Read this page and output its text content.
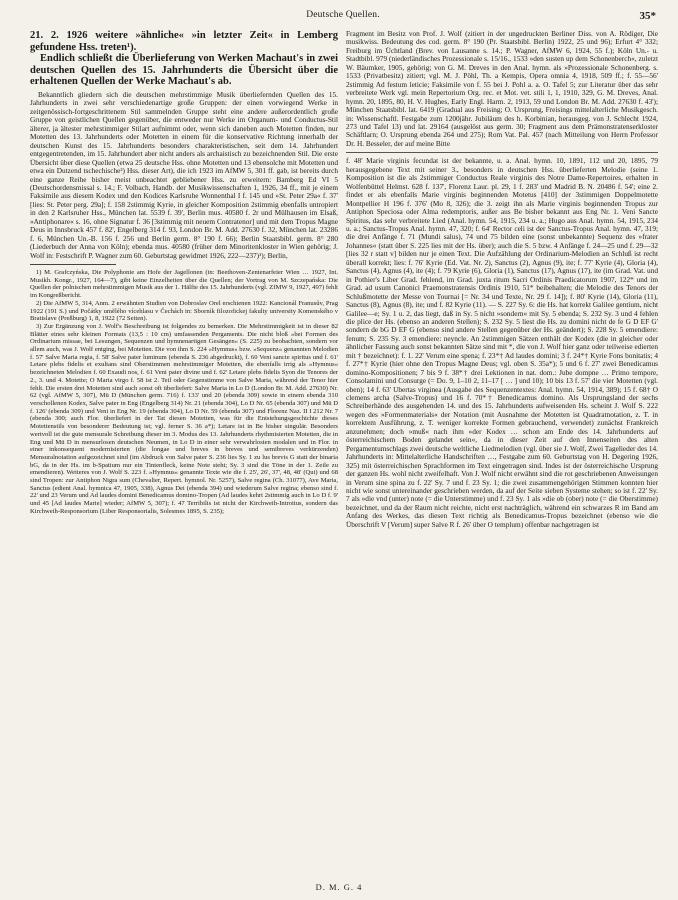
Deutsche Quellen.	35*

21. 2. 1926 weitere »ähnliche« »in letzter Zeit« in Lemberg gefundene Hss. treten¹).

Endlich schließt die Überlieferung von Werken Machaut's in zwei deutschen Quellen des 15. Jahrhunderts die Übersicht über die erhaltenen Quellen der Werke Machaut's ab.

Bekanntlich gliedern sich die deutschen mehrstimmige Musik überliefernden Quellen des 15. Jahrhunderts in zwei sehr verschiedenartige große Gruppen: der einen vorwiegend Werke in zeitgenössisch-fortgeschrittenem Stil sammelnden Gruppe steht eine andere außerordentlich große Gruppe von geistlichen Quellen gegenüber, die entweder nur Werke im Organum- und Conductus-Stil älterer, ja ältester mehrstimmiger Stilart aufnimmt oder, wenn sich daneben auch Motetten finden, nur Motetten des 13. Jahrhunderts oder Motetten in einem für die konservative Richtung innerhalb der deutschen Kunst des 15. Jahrhunderts besonders charakteristischen, seit dem 14. Jahrhundert entgegentretenden, im 15. Jahrhundert aber nicht anders als archaistisch zu bezeichnenden Stil. Die erste Übersicht über diese Quellen (etwa 25 deutsche Hss. ohne Motetten und 13 ebensolche mit Motetten und etwa ein Dutzend tschechische²) Hss. dieser Art), die ich 1923 im AfMW 5, 301 ff. gab, ist bereits durch eine ganze Reihe bisher meist unbeachtet gebliebener Hss. zu erweitern: Bamberg Ed VI 5 (Deutschordensmissal s. 14.; F. Volbach, Handb. der Musikwissenschaften 1, 1926, 34 ff., mit je einem Faksimile aus diesem Kodex und den Kodices Karlsruhe Wonnenthal I f. 145 und »St. Peter 29a« f. 37' [lies: St. Peter perg. 29a]; f. 158 2stimmig Kyrie, in gleicher Komposition 2stimmig ebenfalls untropiert in den 2 Karlsruher Hss., München lat. 5539 f. 39', Berlin mus. 40580 f. 2r und Mülhausen im Elsaß, »Antiphonare« s. 16, ohne Signatur f. 36 [3stimmig mit neuem Contratenor] und mit dem Tropus Magne Deus in Innsbruck 457 f. 82', Engelberg 314 f. 93, London Br. M. Add. 27630 f. 32, München lat. 23286 f. 6, München Un.-B. 156 f. 256 und Berlin germ. 8° 190 f. 66); Berlin Staatsbibl. germ. 8° 280 (Liederbuch der Anna von Köln); ebenda mus. 40580 (früher dem Minoritenkloster in Wien gehörig; J. Wolf in: Festschrift P. Wagner zum 60. Geburtstag gewidmet 1926, 222—237)¹); Berlin,

1) M. Grafczyńska, Die Polyphonie am Hofe der Jagellonen (in: Beethoven-Zentenarfeier Wien … 1927, Int. Musikh. Kongr., 1927, 164—7), gibt keine Einzelheiten über die Quellen; der Vortrag von M. Szczepańska: Die Quellen der polnischen mehrstimmigen Musik aus der 1. Hälfte des 15. Jahrhunderts (vgl. ZfMW 9, 1927, 497) fehlt im Kongreßbericht.

2) Die AfMW 5, 314, Anm. 2 erwähnten Studien von Dobroslav Orel erschienen 1922: Kancionál Franusův, Prag 1922 (191 S.) und Počátky umělého vícehlasu v Čechách in: Sborník filozofickej fakulty university Komenského v Bratislave (Preßburg) 1, 8, 1922 (72 Seiten).

3) Zur Ergänzung von J. Wolf's Beschreibung ist folgendes zu bemerken. Die Mehrstimmigkeit ist in dieser 82 Blätter eines sehr kleinen Formats (13,5 : 10 cm) umfassenden Pergaments. Die nicht bloß »bei Formen des Ordinarium missae, bei Lesungen, Sequenzen und hymnenartigen Gesängen« (S. 225) zu beobachten, sondern vor allem auch, was J. Wolf entging, bei Motetten. Die von ihm S. 224 »Hymnus« bzw. »Sequenz« genannten Melodien f. 57' Salve Maria regia, f. 58' Salve pater luminum (ebenda S. 236 abgedruckt), f. 60 Veni sancte spiritus und f. 61' Letare plebs fidelis et exultans sind Oberstimmen mehrstimmiger Motetten, die ebenfalls irrig als »Hymnus« bezeichneten Melodien f. 60 Exaudi nos, f. 61 Veni pater divine und f. 62' Letare plebs fidelis Syon die Tenores der 2., 3. und 4. Motette; O Maria virgo f. 58 ist 2. Teil oder Gegenstimme von Salve Maria, während der Tenor hier fehlt. Die ersten drei Motetten sind auch sonst oft überliefert: Salve Maria in Lo D (London Br. M. Add. 27630) Nr. 62 (vgl. AfMW 5, 307), Mü D (München germ. 716) f. 133' und 20 (ebenda 309) sowie in einem ebenda 310 verschollenen Kodex, Salve pater in Eng (Engelberg 314) Nr. 21 (ebenda 304), Lo D Nr. 65 (ebenda 307) und Mü D f. 126' (ebenda 309) und Veni in Eng Nr. 19 (ebenda 304), Lo D Nr. 59 (ebenda 307) und Florenz Naz. II I 212 Nr. 7 (ebenda 300; auch Flor. überliefert in der Tat diesen Motetten, was für die Entstehungsgeschichte dieses Motettenstils von besonderer Bedeutung ist; vgl. ferner S. 36 a*); Letare ist in Be bisher singulär. Besonders wertvoll ist die gute mensurale Schreibung dieser im 3. Modus des 13. Jahrhunderts rhythmisierten Motetten, die in Eng und Mü D in mensurlosen deutschen Neumen, in Lo D in einer sehr verwahrlosten modalen und in Flor. in einer inkonsequent modernisierten (die longae und breves in breves und semibreves verkürzenden) Mensuralnotation aufgezeichnet sind (im Abdruck von Salve pater S. 236 lies Sy. 1 zu lus brevis G statt der binaria bG, da in der Hs. im b-Spatium nur ein Tintenfleck, keine Note steht; Sy. 3 sind die Töne in der 1. Zeile zu emendieren). Weiteres von J. Wolf S. 223 f. »Hymnus« genannte Texte wie die f. 25', 26', 37', 48, 48' (Qui) und 68 sind Tropen: zur Antiphon Nigra sum (Chevalier, Repert. hymnol. Nr. 5257), Salve regina (Ch. 31077), Ave Maria, Sanctus (edient Anal. hymnica 47, 1905, 338), Agnus Dei (ebenda 394) und wiederum Salve regina; ebenso sind f. 22' und 23 Verum und Ad laudes domini Benedicamus domino-Tropen (Ad laudes kehrt 2stimmig auch in Lo D f. 9' und 45 [Ad laudes Marie] wieder; AfMW 5, 307); f. 47 Terribilis ist nicht der Kirchweih-Introitus, sondern das Kirchweih-Responsorium (Liber Responsorialis, Solesmes 1895, S. 235);

Fragment im Besitz von Prof. J. Wolf (zitiert in der ungedruckten Berliner Diss. von A. Rödiger, Die musikwiss. Bedeutung des cod. germ. 8° 190 (Pr. Staatsbibl. Berlin) 1922, 25 und 96); Erfurt 4° 332; Freiburg im Üchtland (Brev. von Lausanne s. 14.; P. Wagner, AfMW 6, 1924, 55 f.); Köln Un.- u. Stadtbibl. 979 (niederländisches Prozessionale s. 15/16., 1533 »den susten up dem Schonenberch«, zuletzt W. Bäumker, 1905, gehörig; von G. M. Dreves in den Anal. hymn. als »Prozessionale Schonenberg. s. 1533 (Privatbesitz) zitiert; vgl. M. J. Pöhl, Th. a Kempis, Opera omnia 4, 1918, 509 ff.; f. 55—56' 2stimmig Ad festum leticie; Faksimile von f. 55 bei J. Pohl a. a. O. Tafel 5; zur Literatur über das sehr verbreitete Werk vgl. mein Repertorium Org. rec. et Mot. vet. stili 1, 1, 1910, 329, G. M. Dreves, Anal. hymn. 20, 1895, 80, H. V. Hughes, Early Engl. Harm. 2, 1913, 59 und London Br. M. Add. 27630 f. 43'); München Staatsbibl. lat. 6419 (Gradual aus Freising; O. Ursprung, Freisings mittelalterliche Musikgesch. in: Wissenschaftl. Festgabe zum 1200jähr. Jubiläum des h. Korbinian, herausgeg. von J. Schlecht 1924, 273 und Tafel 13) und lat. 29164 (ausgelöst aus germ. 30; Fragment aus dem Prämonstratenserkloster Schäftlarn; O. Ursprung ebenda 264 und 275); Rom Vat. Pal. 457 (nach Mitteilung von Herrn Professor Dr. H. Besseler, der auf meine Bitte

f. 48' Marie virginis fecundat ist der bekannte, u. a. Anal. hymn. 10, 1891, 112 und 20, 1895, 79 herausgegebene Text mit seiner 3., besonders in deutschen Hss. überlieferten Melodie (seine 1. Komposition ist die als 2stimmiger Conductus Reale virginis des Notre Dame-Repertoires, erhalten in Wolfenbüttel Helmst. 628 f. 137', Florenz Laur. pl. 29, 1 f. 283' und Madrid B. N. 20486 f. 54'; eine 2. findet er als ebenfalls Marie virginis beginnenden Motetus [410] der 3stimmigen Doppelmotette Montpellier H 196 f. 376' (Mo 8, 326); die 3. zeigt ihn als Marie virginis beginnenden Tropus zur Antiphon Speciosa oder Alma redemptoris, außer aus Be bisher bekannt aus Eng Nr. 1. Veni Sancte Spiritus, das sehr verbreitete Lied (Anal. hymn. 54, 1915, 234 u. a.; Hugo aus Anal. hymn. 54, 1915, 234 u. a.; Sanctus-Tropus Anal. hymn. 47, 320; f. 64' Rector celi ist der Sanctus-Tropus Anal. hymn. 47, 319; die drei Anfänge f. 71 (Mundi salus), 74 und 75 bilden eine (sonst unbekannte) Sequenz des »frater Johannes« (statt über S. 225 lies mit der Hs. über); auch die S. 5 bzw. 4 Anfänge f. 24—25 und f. 29—32 [lies 32 r statt v] bilden nur je einen Text. Die Aufzählung der Ordinarium-Melodien an Schluß ist recht überall korrekt; lies: f. 76' Kyrie (Ed. Vat. Nr. 2), Sanctus (2), Agnus (9), ite; f. 77' Kyrie (4), Gloria (4), Sanctus (4), Agnus (4), ite (4); f. 79 Kyrie (6), Gloria (1), Sanctus (17), Agnus (17), ite (im Grad. Vat. und in Pothier's Liber Grad. fehlend, im Grad. juxta ritum Sacri Ordinis Praedicatorum 1907, 122* und im Grad. ad usum Canonici Praemonstratensis Ordinis 1910, 51* beibehalten; die Melodie des Tenors der Schlußmotette der Messe von Tournai [= Nr. 34 und Texte, Nr. 29 f. 14]); f. 80' Kyrie (14), Gloria (11), Sanctus (8), Agnus (8), ite; und f. 82 Kyrie (11). — S. 227 Sy. 6: die Hs. hat korrekt Galilee gentium, nicht Galilee—e; Sy. 1 u. 2, das liegt, daß in Sy. 5 nicht »sondern« mit Sy. 5 ebenda; S. 232 Sy. 3 und 4 fehlen die plice der Hs. (ebenso an anderen Stellen); S. 232 Sy. 5 liest die Hs. zu domini nicht de fe G D EF G' sondern de bG D EF G (ebenso sind andere Stellen gegenüber der Hs. geändert); S. 228 Sy. 5 emendiere: fenum; S. 235 Sy. 3 emendiere: neyncle. An 2stimmigen Sätzen enthält der Kodex (die in gleicher oder ähnlicher Fassung auch sonst bekannten Sätze sind mit *, die von J. Wolf hier ganz oder teilweise edierten mit † bezeichnet): f. 1. 22' Verum eine spena; f. 23*† Ad laudes domini; 3 f. 24*† Kyrie Fons bonitatis; 4 f. 27*† Kyrie (hier ohne den Tropus Magne Deus; vgl. oben S. 35a*); 5 und 6 f. 27' zwei Benedicamus domino-Kompositionen; 7 bis 9 f. 38*† drei Lektionen in nat. dom.: Jube dompne … Primo tempore, Consolamini und Consurge (= Do. 9, 1–10 2, 11–17 [ … ] und 10); 10 bis 13 f. 57' die vier Motetten (vgl. oben); 14 f. 63' Ubertas virginea (Ausgabe des Sequenzentextes: Anal. hymn. 54, 1914, 389); 15 f. 68† O clemens archa (Salve-Tropus) und 16 f. 70*† Benedicamus domino. Als Ursprungsland der sechs Schreiberhände des ausgehenden 14. und des 15. Jahrhunderts aufweisenden Hs. scheint J. Wolf S. 222 wegen des »Formenmaterials« der Notation (mit Ausnahme der Motetten ist Quadratnotation, z. T. in korrektem Ausführung, z. T. weniger korrekte Formen gebrauchend, verwendet) zunächst Frankreich anzunehmen; doch »muß« nach ihm »der Kodex … schon am Ende des 14. Jahrhunderts auf österreichischem Boden gelandet sein«, da in dieser Zeit auf den Innenseiten des alten Pergamentumschlags zwei deutsche weltliche Liedmelodien (vgl. über sie J. Wolf, Zwei Tagelieder des 14. Jahrhunderts in: Mittelalterliche Handschriften …, Festgabe zum 60. Geburtstag von H. Degering 1926, 325) mit österreichischen Sprachformen im Text eingetragen sind. Indes ist der österreichische Ursprung der ganzen Hs. wohl nicht zweifelhaft. Von J. Wolf nicht erwähnt sind die rot geschriebenen Anweisungen in Verum sine spina zu f. 22' Sy. 7 und f. 23 Sy. 1; die zwei zusammengehörigen Stimmen konnten hier nicht wie sonst untereinander geschrieben werden, da auf der Seite sieben Systeme stehen; so ist f. 22' Sy. 7 als »die vnd (unter) note (= die Unterstimme) und f. 23 Sy. 1 als »die ob (ober) note (= die Oberstimme) bezeichnet, und da der Raum nicht reichte, nicht erst nachträglich, während ein schwarzes R im Band am Anfang des Werkes, das diesen Text richtig als Benedicamus-Tropus bezeichnet (ebenso wie die Überschrift V [Verum] super Salve R f. 26' über O templum) offenbar nachgetragen ist

D. M. G. 4
